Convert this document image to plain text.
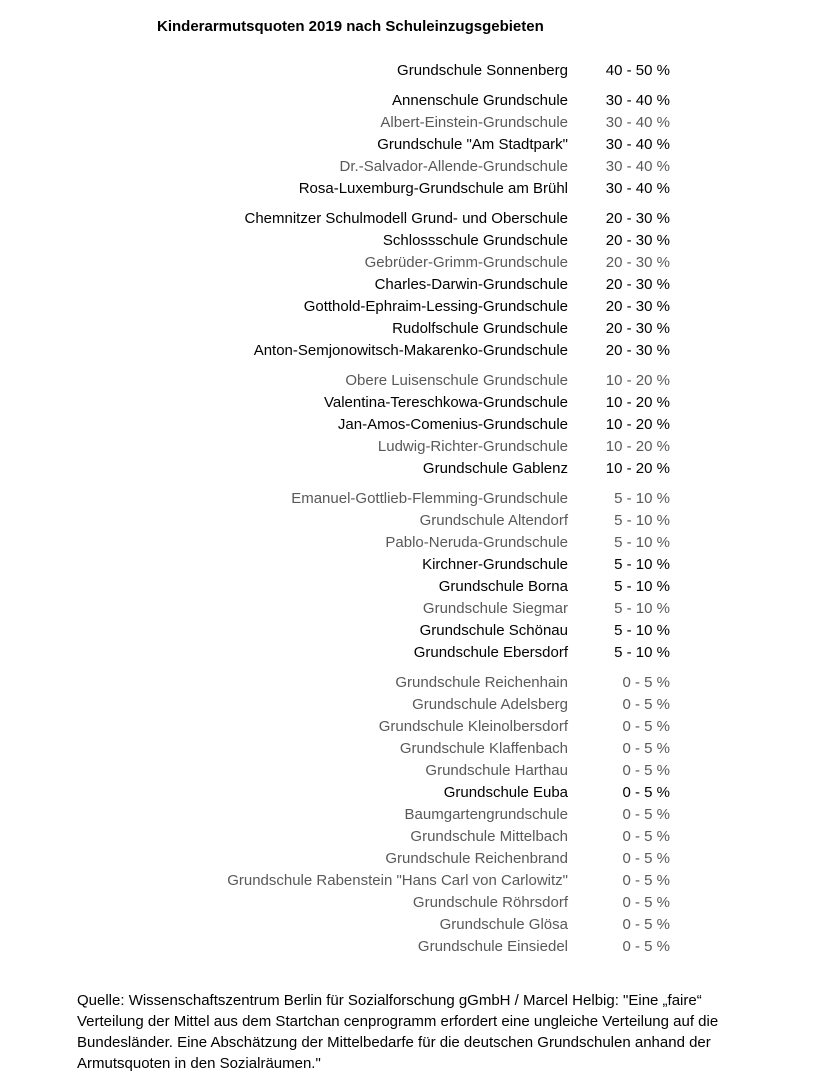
Kinderarmutsquoten 2019 nach Schuleinzugsgebieten
Grundschule Sonnenberg	40 - 50 %
Annenschule Grundschule	30 - 40 %
Albert-Einstein-Grundschule	30 - 40 %
Grundschule "Am Stadtpark"	30 - 40 %
Dr.-Salvador-Allende-Grundschule	30 - 40 %
Rosa-Luxemburg-Grundschule am Brühl	30 - 40 %
Chemnitzer Schulmodell Grund- und Oberschule	20 - 30 %
Schlossschule Grundschule	20 - 30 %
Gebrüder-Grimm-Grundschule	20 - 30 %
Charles-Darwin-Grundschule	20 - 30 %
Gotthold-Ephraim-Lessing-Grundschule	20 - 30 %
Rudolfschule Grundschule	20 - 30 %
Anton-Semjonowitsch-Makarenko-Grundschule	20 - 30 %
Obere Luisenschule Grundschule	10 - 20 %
Valentina-Tereschkowa-Grundschule	10 - 20 %
Jan-Amos-Comenius-Grundschule	10 - 20 %
Ludwig-Richter-Grundschule	10 - 20 %
Grundschule Gablenz	10 - 20 %
Emanuel-Gottlieb-Flemming-Grundschule	5 - 10 %
Grundschule Altendorf	5 - 10 %
Pablo-Neruda-Grundschule	5 - 10 %
Kirchner-Grundschule	5 - 10 %
Grundschule Borna	5 - 10 %
Grundschule Siegmar	5 - 10 %
Grundschule Schönau	5 - 10 %
Grundschule Ebersdorf	5 - 10 %
Grundschule Reichenhain	0 - 5 %
Grundschule Adelsberg	0 - 5 %
Grundschule Kleinolbersdorf	0 - 5 %
Grundschule Klaffenbach	0 - 5 %
Grundschule Harthau	0 - 5 %
Grundschule Euba	0 - 5 %
Baumgartengrundschule	0 - 5 %
Grundschule Mittelbach	0 - 5 %
Grundschule Reichenbrand	0 - 5 %
Grundschule Rabenstein "Hans Carl von Carlowitz"	0 - 5 %
Grundschule Röhrsdorf	0 - 5 %
Grundschule Glösa	0 - 5 %
Grundschule Einsiedel	0 - 5 %
Quelle: Wissenschaftszentrum Berlin für Sozialforschung gGmbH / Marcel Helbig: "Eine „faire“
Verteilung der Mittel aus dem Startchan cenprogramm erfordert eine ungleiche Verteilung auf die
Bundesländer. Eine Abschätzung der Mittelbedarfe für die deutschen Grundschulen anhand der
Armutsquoten in den Sozialräumen."
